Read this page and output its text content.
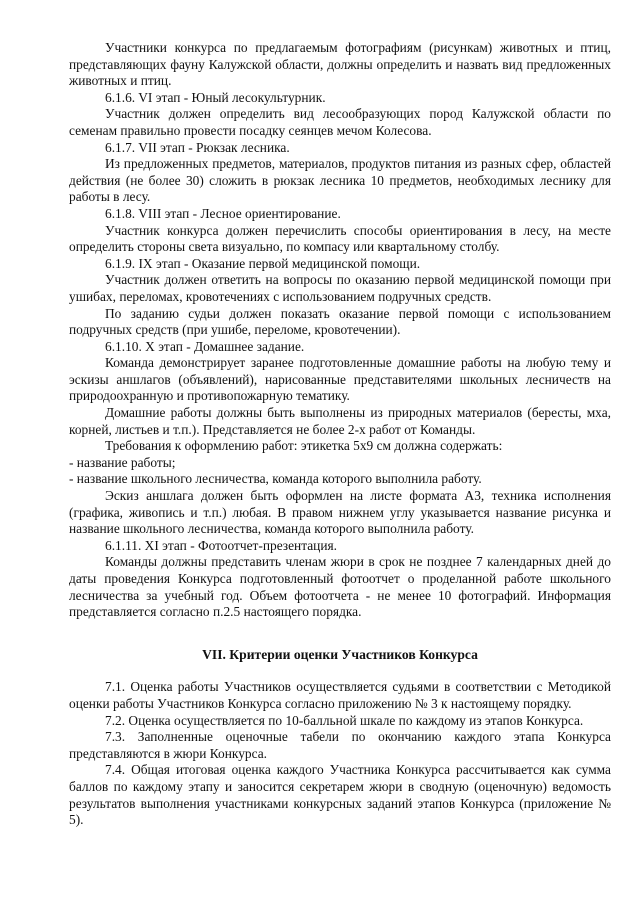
Участники конкурса по предлагаемым фотографиям (рисункам) животных и птиц, представляющих фауну Калужской области, должны определить и назвать вид предложенных животных и птиц.

6.1.6. VI этап - Юный лесокультурник.

Участник должен определить вид лесообразующих пород Калужской области по семенам правильно провести посадку сеянцев мечом Колесова.

6.1.7. VII этап - Рюкзак лесника.

Из предложенных предметов, материалов, продуктов питания из разных сфер, областей действия (не более 30) сложить в рюкзак лесника 10 предметов, необходимых леснику для работы в лесу.

6.1.8. VIII этап - Лесное ориентирование.

Участник конкурса должен перечислить способы ориентирования в лесу, на месте определить стороны света визуально, по компасу или квартальному столбу.

6.1.9. IX этап - Оказание первой медицинской помощи.

Участник должен ответить на вопросы по оказанию первой медицинской помощи при ушибах, переломах, кровотечениях с использованием подручных средств.

По заданию судьи должен показать оказание первой помощи с использованием подручных средств (при ушибе, переломе, кровотечении).

6.1.10. X этап - Домашнее задание.

Команда демонстрирует заранее подготовленные домашние работы на любую тему и эскизы аншлагов (объявлений), нарисованные представителями школьных лесничеств на природоохранную и противопожарную тематику.

Домашние работы должны быть выполнены из природных материалов (бересты, мха, корней, листьев и т.п.). Представляется не более 2-х работ от Команды.

Требования к оформлению работ: этикетка 5х9 см должна содержать:

- название работы;

- название школьного лесничества, команда которого выполнила работу.

Эскиз аншлага должен быть оформлен на листе формата А3, техника исполнения (графика, живопись и т.п.) любая. В правом нижнем углу указывается название рисунка и название школьного лесничества, команда которого выполнила работу.

6.1.11. XI этап - Фотоотчет-презентация.

Команды должны представить членам жюри в срок не позднее 7 календарных дней до даты проведения Конкурса подготовленный фотоотчет о проделанной работе школьного лесничества за учебный год. Объем фотоотчета - не менее 10 фотографий. Информация представляется согласно п.2.5 настоящего порядка.

VII. Критерии оценки Участников Конкурса

7.1. Оценка работы Участников осуществляется судьями в соответствии с Методикой оценки работы Участников Конкурса согласно приложению № 3 к настоящему порядку.

7.2. Оценка осуществляется по 10-балльной шкале по каждому из этапов Конкурса.

7.3. Заполненные оценочные табели по окончанию каждого этапа Конкурса представляются в жюри Конкурса.

7.4. Общая итоговая оценка каждого Участника Конкурса рассчитывается как сумма баллов по каждому этапу и заносится секретарем жюри в сводную (оценочную) ведомость результатов выполнения участниками конкурсных заданий этапов Конкурса (приложение № 5).
